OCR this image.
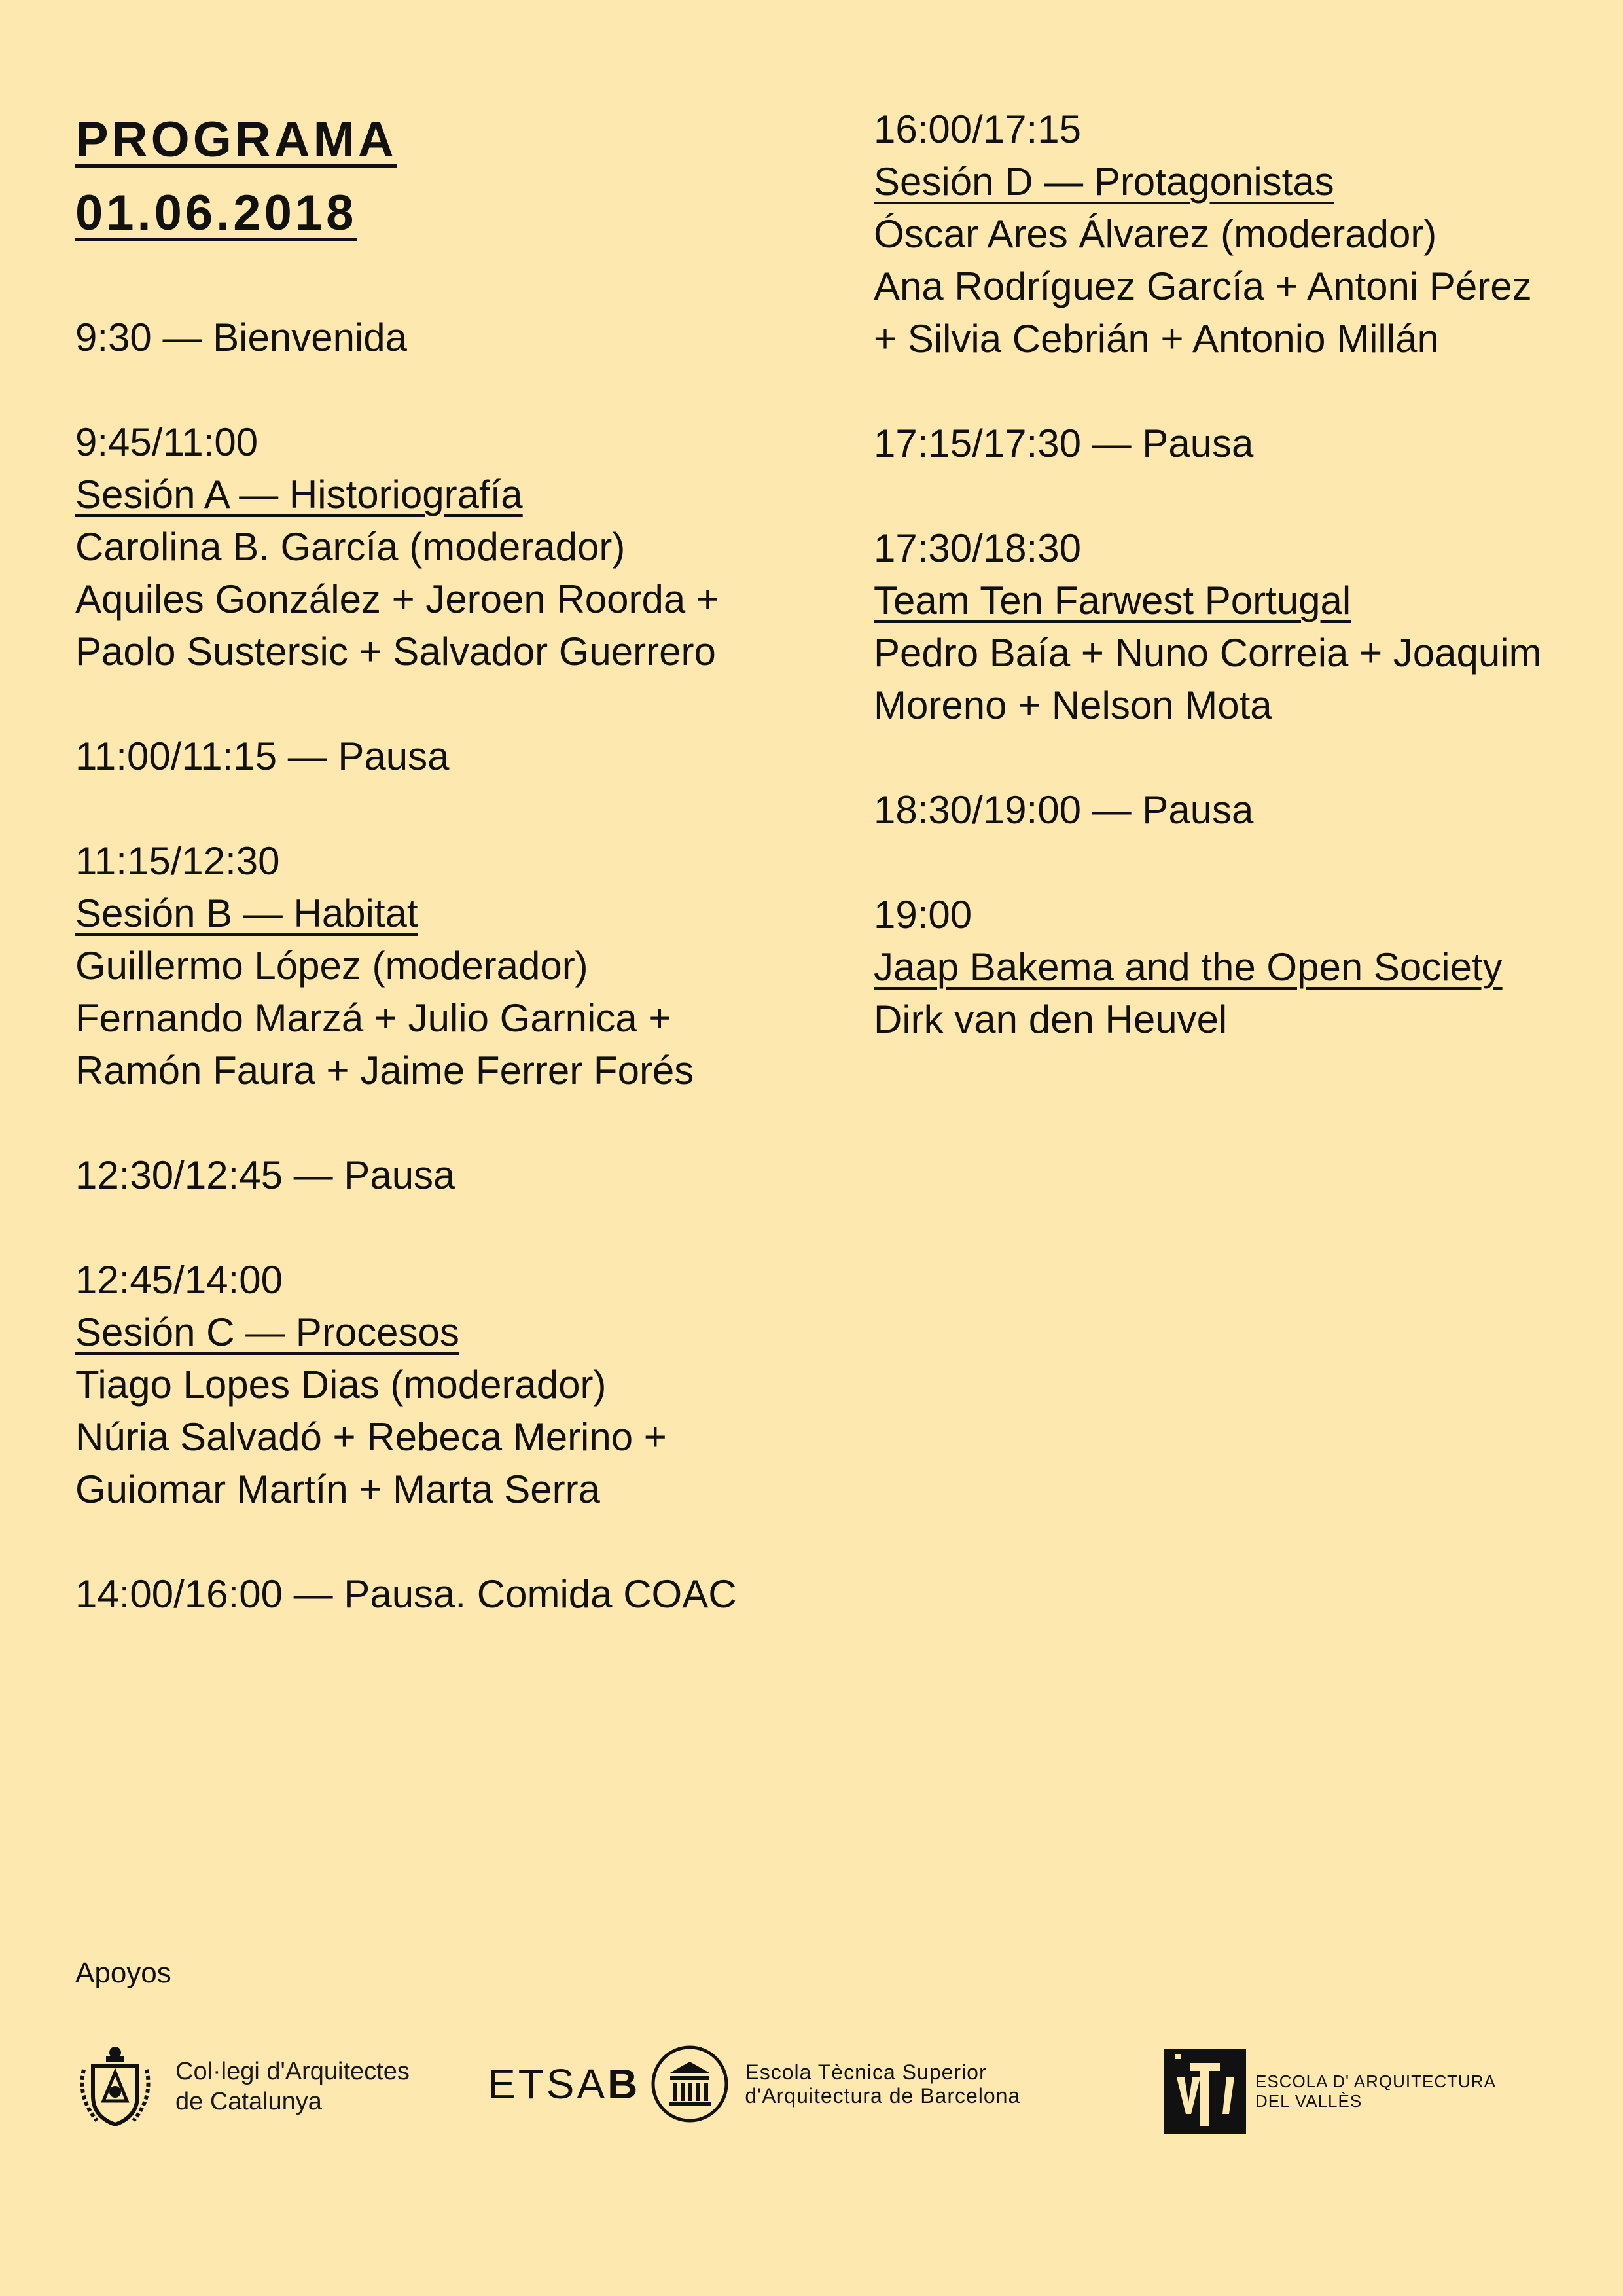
PROGRAMA
01.06.2018
9:30 — Bienvenida
9:45/11:00
Sesión A — Historiografía
Carolina B. García (moderador)
Aquiles González + Jeroen Roorda +
Paolo Sustersic + Salvador Guerrero
11:00/11:15 — Pausa
11:15/12:30
Sesión B — Habitat
Guillermo López (moderador)
Fernando Marzá + Julio Garnica +
Ramón Faura + Jaime Ferrer Forés
12:30/12:45 — Pausa
12:45/14:00
Sesión C — Procesos
Tiago Lopes Dias (moderador)
Núria Salvadó + Rebeca Merino +
Guiomar Martín + Marta Serra
14:00/16:00 — Pausa. Comida COAC
16:00/17:15
Sesión D — Protagonistas
Óscar Ares Álvarez (moderador)
Ana Rodríguez García + Antoni Pérez
+ Silvia Cebrián + Antonio Millán
17:15/17:30 — Pausa
17:30/18:30
Team Ten Farwest Portugal
Pedro Baía + Nuno Correia + Joaquim
Moreno + Nelson Mota
18:30/19:00 — Pausa
19:00
Jaap Bakema and the Open Society
Dirk van den Heuvel
Apoyos
Col·legi d'Arquitectes
de Catalunya	ETSAB	Escola Tècnica Superior
d'Arquitectura de Barcelona
ESCOLA D' ARQUITECTURA
DEL VALLÈS
